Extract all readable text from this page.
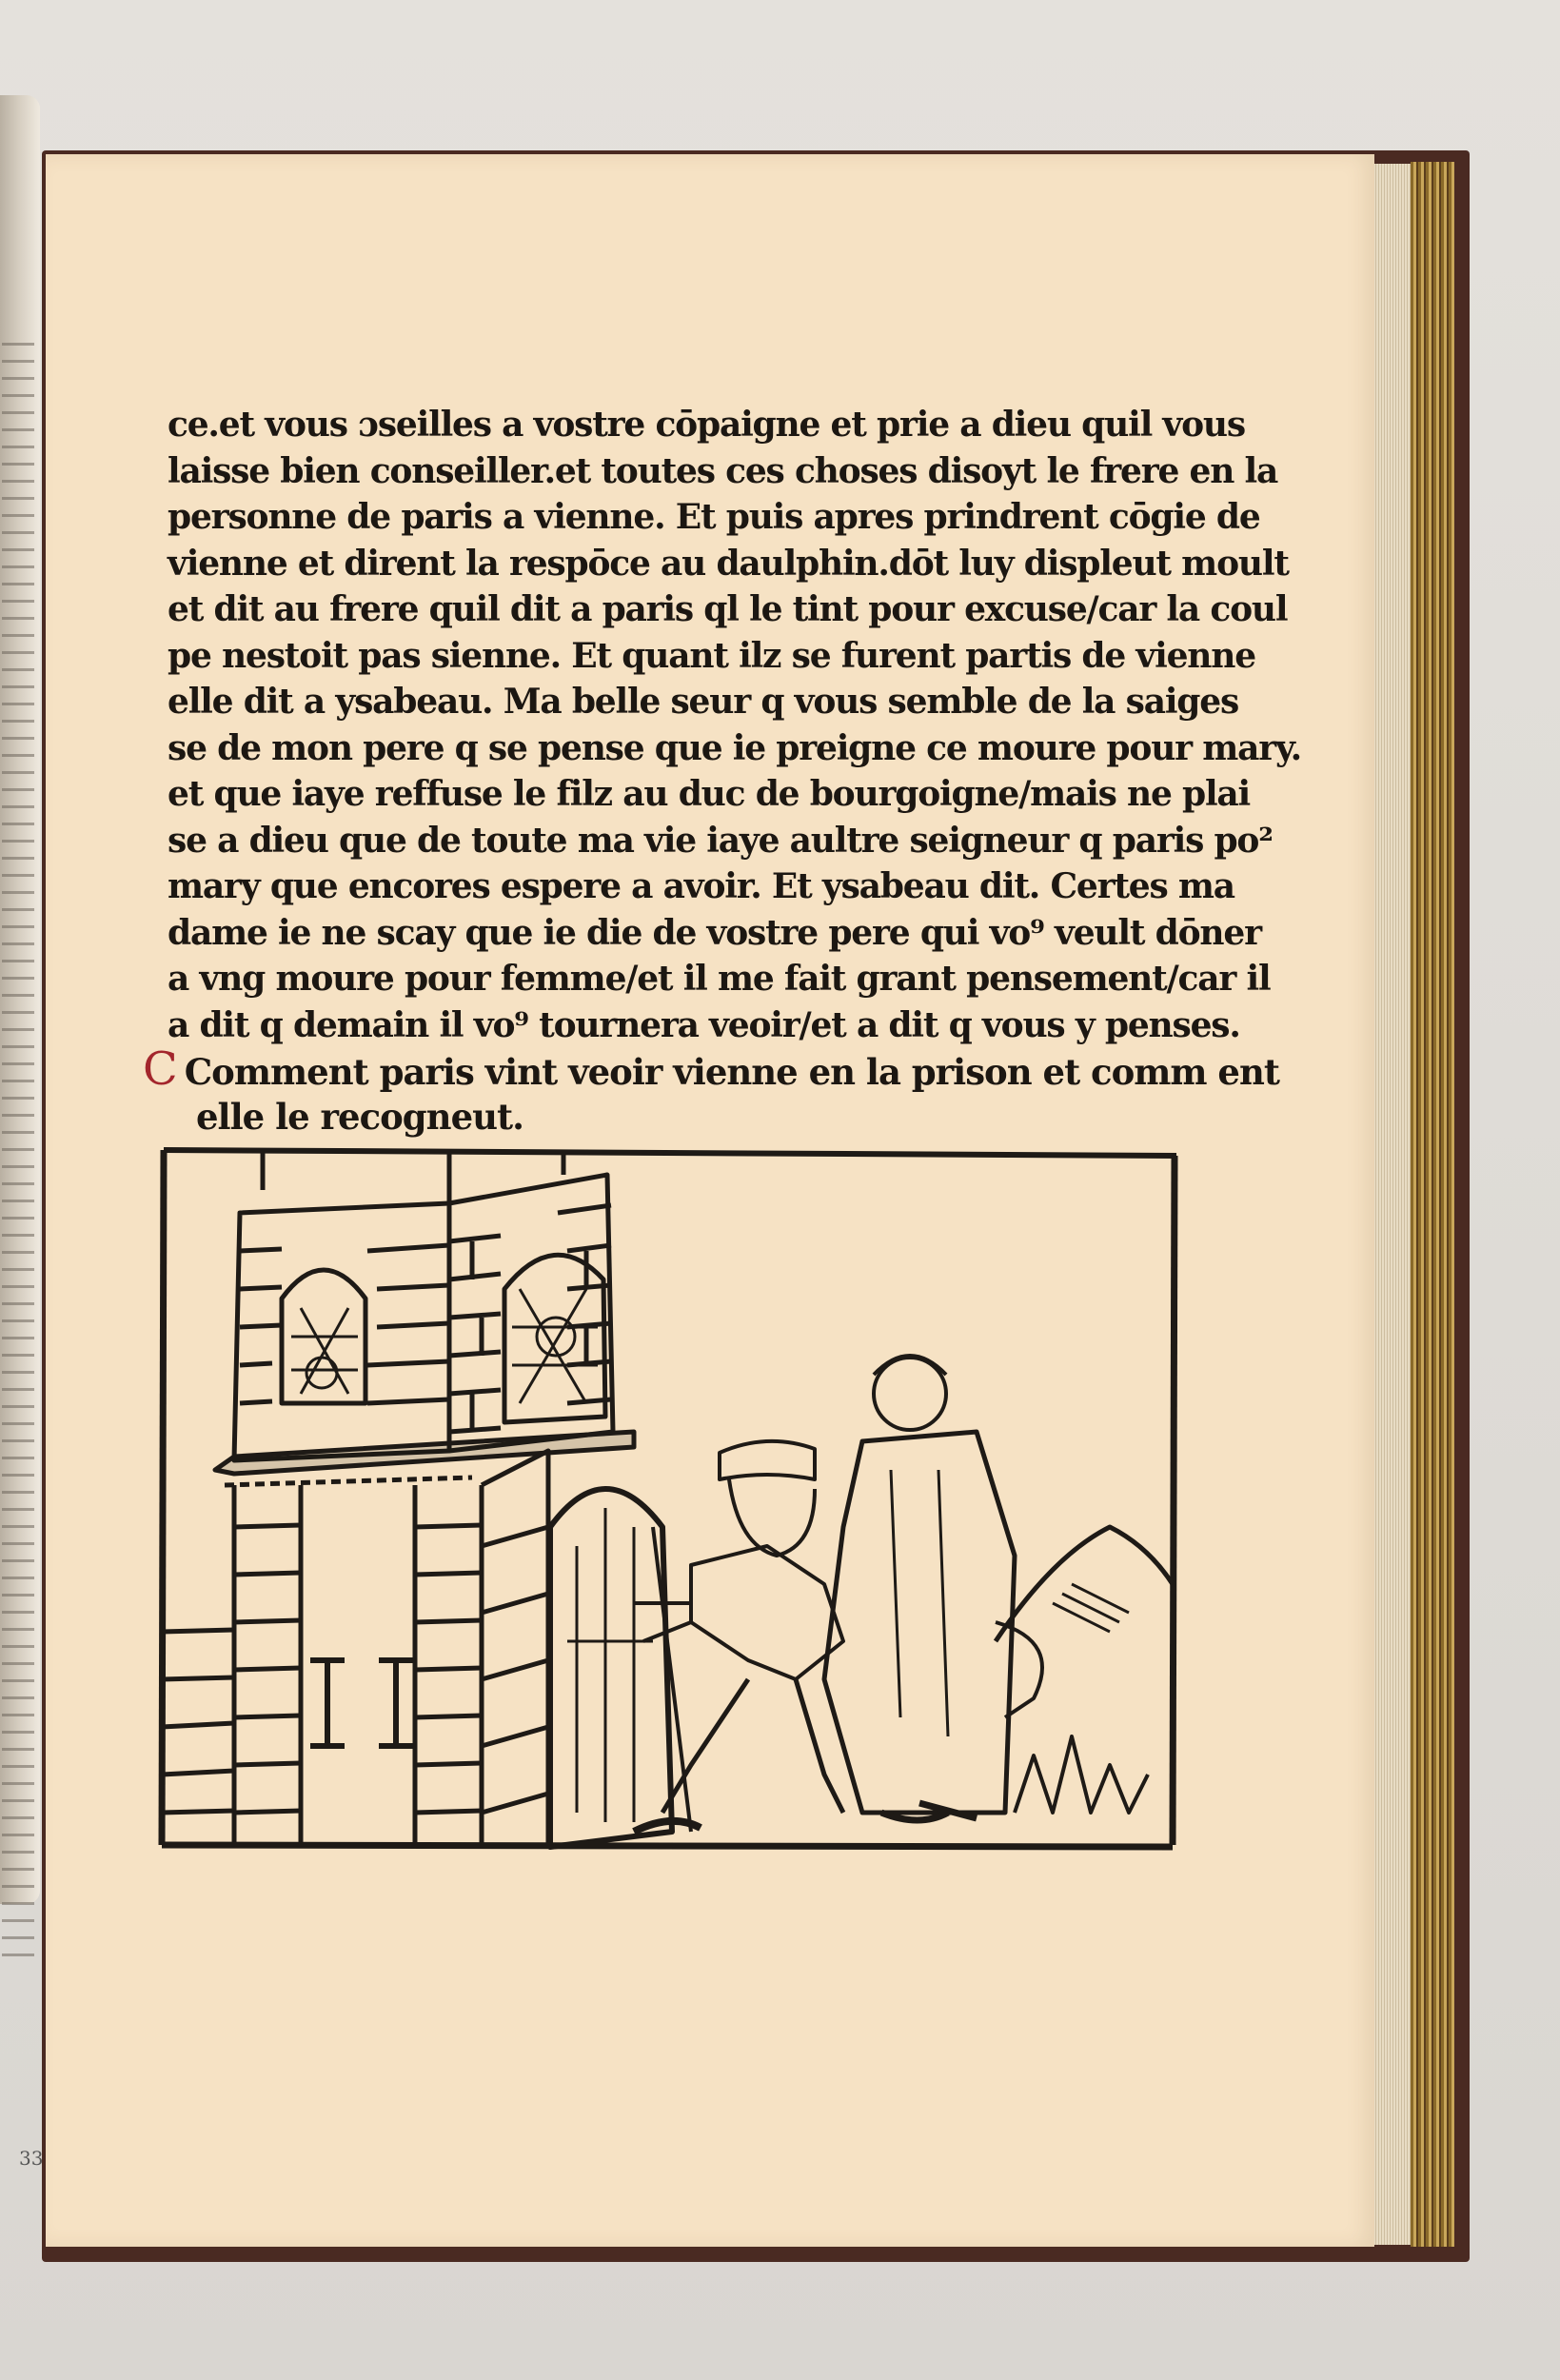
ce.et vous ɔseilles a vostre cōpaigne et prie a dieu quil vous
laisse bien conseiller.et toutes ces choses disoyt le frere en la
personne de paris a vienne. Et puis apres prindrent cōgie de
vienne et dirent la respōce au daulphin.dōt luy displeut moult
et dit au frere quil dit a paris ql le tint pour excuse/car la coul
pe nestoit pas sienne. Et quant ilz se furent partis de vienne
elle dit a ysabeau. Ma belle seur q vous semble de la saiges
se de mon pere q se pense que ie preigne ce moure pour mary.
et que iaye reffuse le filz au duc de bourgoigne/mais ne plai
se a dieu que de toute ma vie iaye aultre seigneur q paris po²
mary que encores espere a avoir. Et ysabeau dit. Certes ma
dame ie ne scay que ie die de vostre pere qui vo⁹ veult dōner
a vng moure pour femme/et il me fait grant pensement/car il
a dit q demain il vo⁹ tournera veoir/et a dit q vous y penses.
C Comment paris vint veoir vienne en la prison et comm ent
elle le recogneut.
33
